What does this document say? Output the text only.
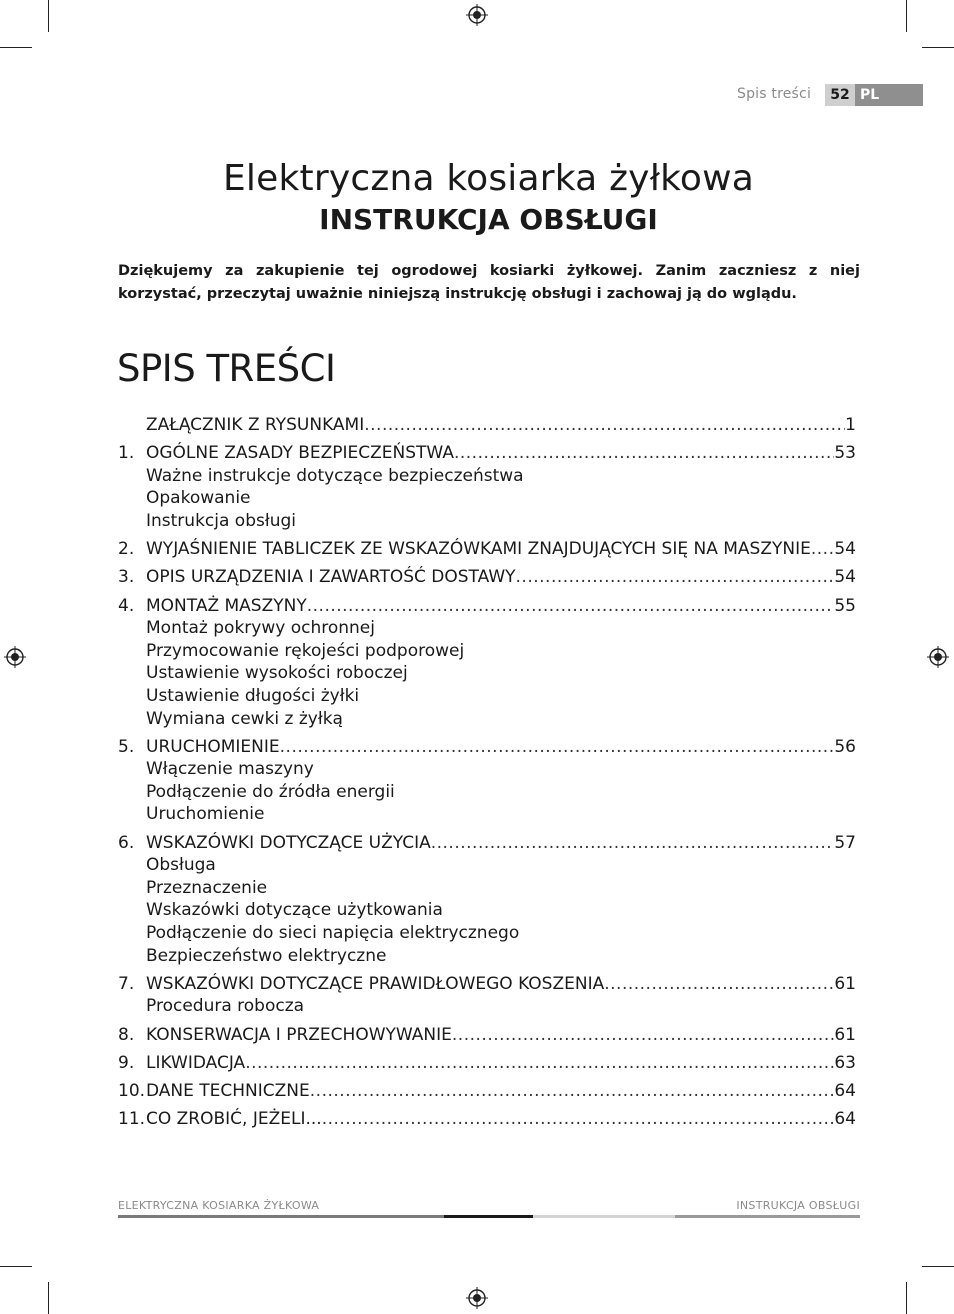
Spis treści	52 PL
Elektryczna kosiarka żyłkowa
INSTRUKCJA OBSŁUGI

Dziękujemy za zakupienie tej ogrodowej kosiarki żyłkowej. Zanim zaczniesz z niej korzystać, przeczytaj uważnie niniejszą instrukcję obsługi i zachowaj ją do wglądu.

SPIS TREŚCI
ZAŁĄCZNIK Z RYSUNKAMI .....	1
1. OGÓLNE ZASADY BEZPIECZEŃSTWA .....	53
Ważne instrukcje dotyczące bezpieczeństwa
Opakowanie
Instrukcja obsługi
2. WYJAŚNIENIE TABLICZEK ZE WSKAZÓWKAMI ZNAJDUJĄCYCH SIĘ NA MASZYNIE ..... 54
3. OPIS URZĄDZENIA I ZAWARTOŚĆ DOSTAWY .....	54
4. MONTAŻ MASZYNY .....	55
Montaż pokrywy ochronnej
Przymocowanie rękojeści podporowej
Ustawienie wysokości roboczej
Ustawienie długości żyłki
Wymiana cewki z żyłką
5. URUCHOMIENIE .....	56
Włączenie maszyny
Podłączenie do źródła energii
Uruchomienie
6. WSKAZÓWKI DOTYCZĄCE UŻYCIA .....	57
Obsługa
Przeznaczenie
Wskazówki dotyczące użytkowania
Podłączenie do sieci napięcia elektrycznego
Bezpieczeństwo elektryczne
7. WSKAZÓWKI DOTYCZĄCE PRAWIDŁOWEGO KOSZENIA .....	61
Procedura robocza
8. KONSERWACJA I PRZECHOWYWANIE .....	61
9. LIKWIDACJA .....	63
10. DANE TECHNICZNE .....	64
11. CO ZROBIĆ, JEŻELI... .....	64
ELEKTRYCZNA KOSIARKA ŻYŁKOWA	INSTRUKCJA OBSŁUGI
